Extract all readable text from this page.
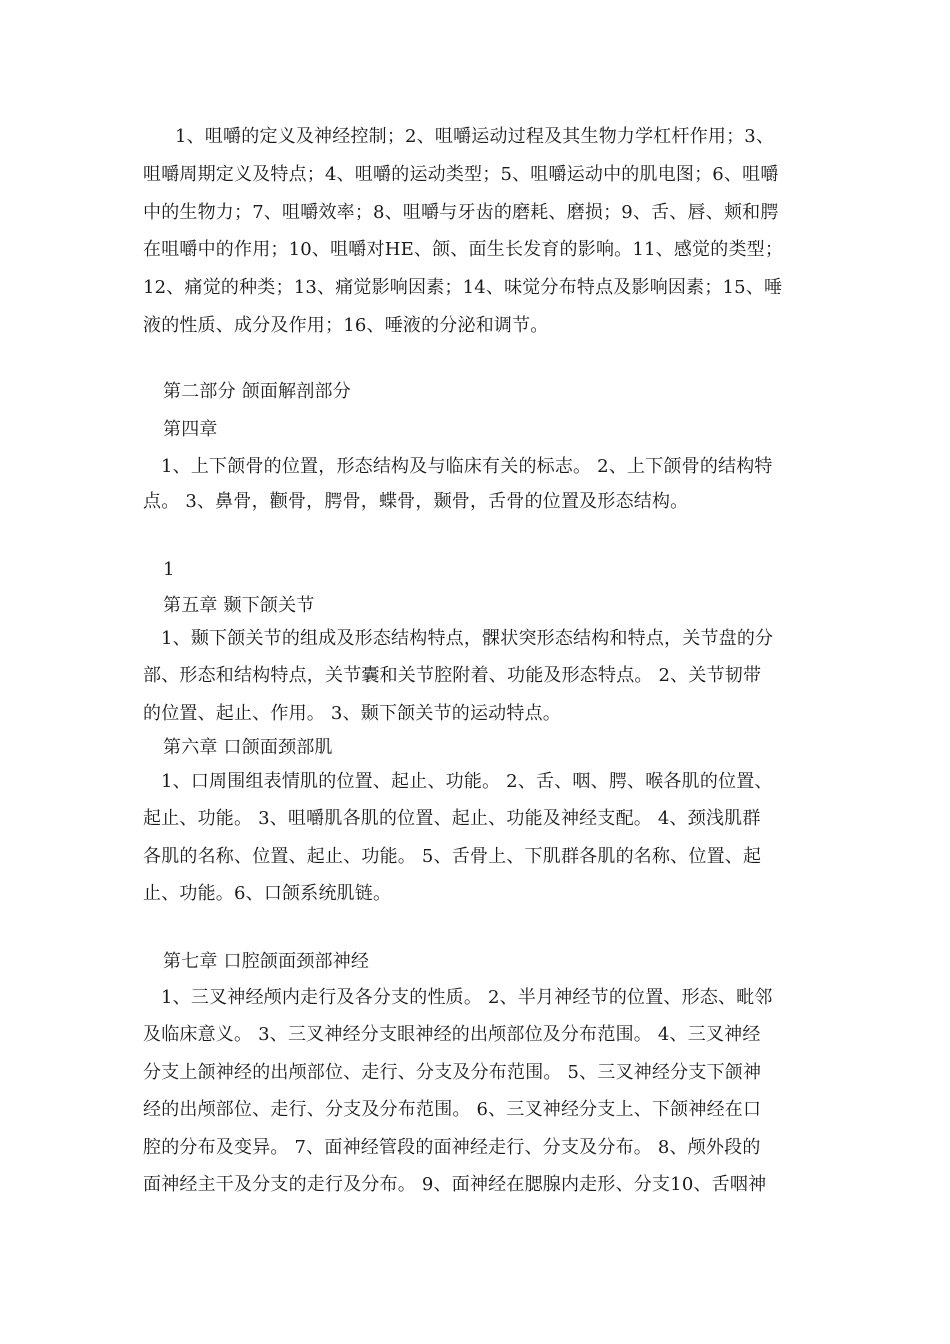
1、咀嚼的定义及神经控制；2、咀嚼运动过程及其生物力学杠杆作用；3、
咀嚼周期定义及特点；4、咀嚼的运动类型；5、咀嚼运动中的肌电图；6、咀嚼
中的生物力；7、咀嚼效率；8、咀嚼与牙齿的磨耗、磨损；9、舌、唇、颊和腭
在咀嚼中的作用；10、咀嚼对HE、颌、面生长发育的影响。11、感觉的类型；
12、痛觉的种类；13、痛觉影响因素；14、味觉分布特点及影响因素；15、唾
液的性质、成分及作用；16、唾液的分泌和调节。
第二部分 颌面解剖部分
第四章
1、上下颌骨的位置，形态结构及与临床有关的标志。 2、上下颌骨的结构特
点。 3、鼻骨，颧骨，腭骨，蝶骨，颞骨，舌骨的位置及形态结构。
1
第五章 颞下颌关节
1、颞下颌关节的组成及形态结构特点，髁状突形态结构和特点，关节盘的分
部、形态和结构特点，关节囊和关节腔附着、功能及形态特点。 2、关节韧带
的位置、起止、作用。 3、颞下颌关节的运动特点。
第六章 口颌面颈部肌
1、口周围组表情肌的位置、起止、功能。 2、舌、咽、腭、喉各肌的位置、
起止、功能。 3、咀嚼肌各肌的位置、起止、功能及神经支配。 4、颈浅肌群
各肌的名称、位置、起止、功能。 5、舌骨上、下肌群各肌的名称、位置、起
止、功能。6、口颌系统肌链。
第七章 口腔颌面颈部神经
1、三叉神经颅内走行及各分支的性质。 2、半月神经节的位置、形态、毗邻
及临床意义。 3、三叉神经分支眼神经的出颅部位及分布范围。 4、三叉神经
分支上颌神经的出颅部位、走行、分支及分布范围。 5、三叉神经分支下颌神
经的出颅部位、走行、分支及分布范围。 6、三叉神经分支上、下颌神经在口
腔的分布及变异。 7、面神经管段的面神经走行、分支及分布。 8、颅外段的
面神经主干及分支的走行及分布。 9、面神经在腮腺内走形、分支10、舌咽神
